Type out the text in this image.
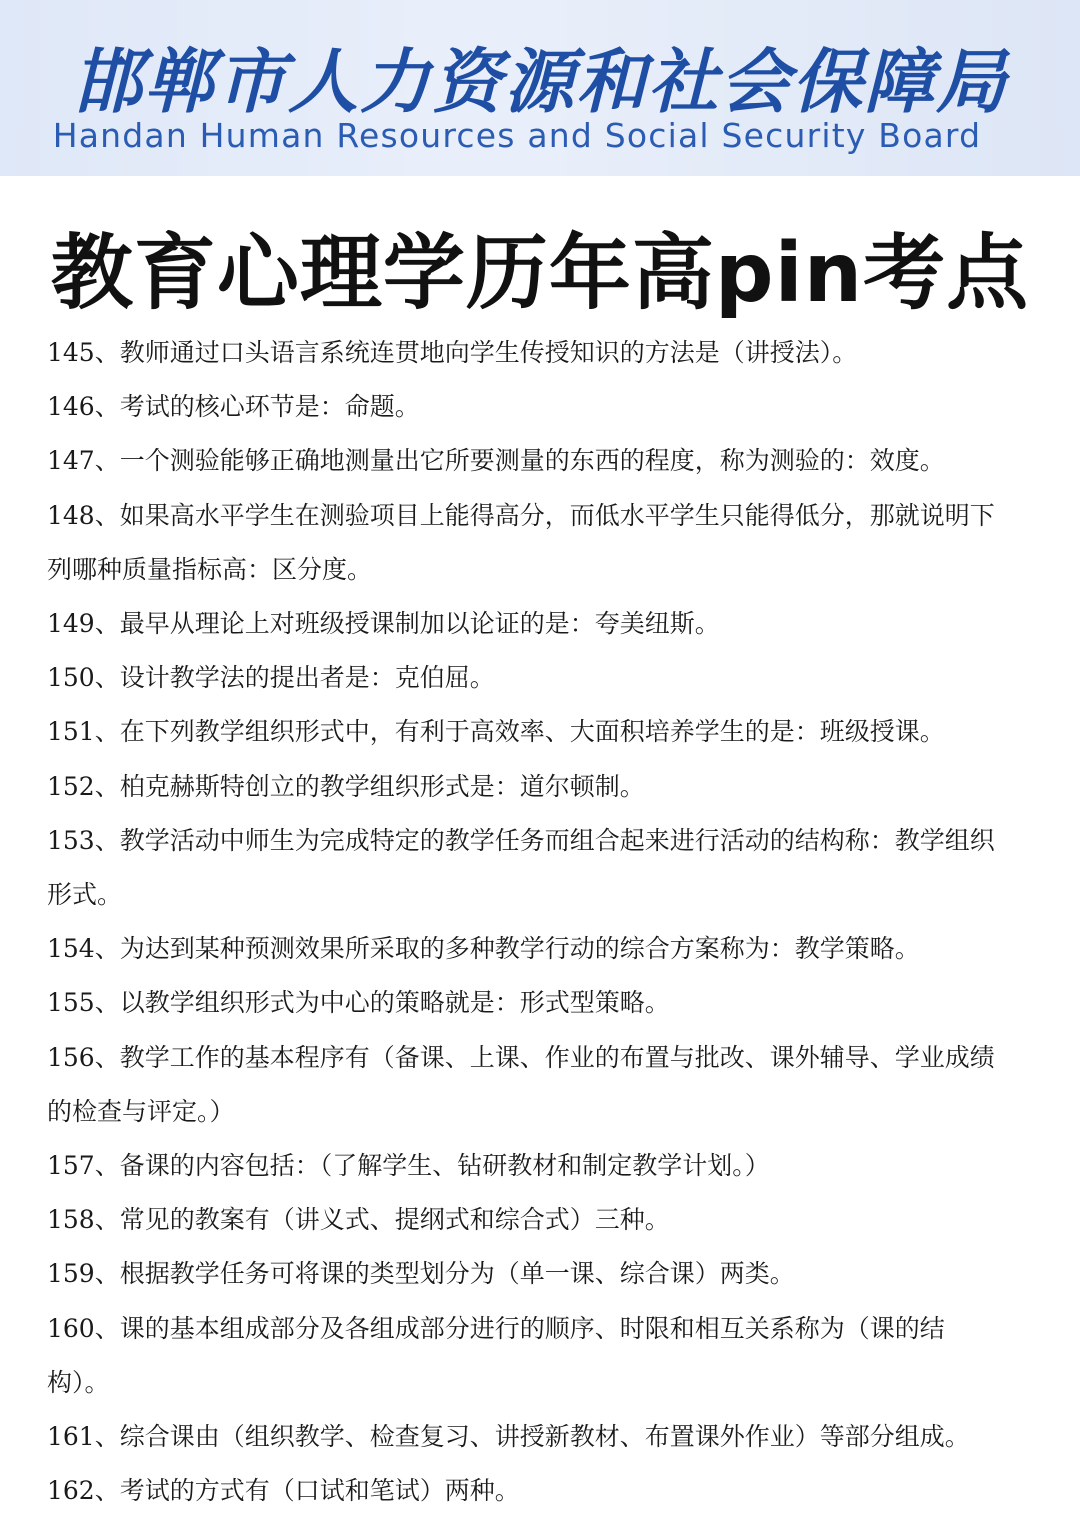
邯郸市人力资源和社会保障局
Handan Human Resources and Social Security Board
教育心理学历年高pin考点
145、教师通过口头语言系统连贯地向学生传授知识的方法是（讲授法）。
146、考试的核心环节是：命题。
147、一个测验能够正确地测量出它所要测量的东西的程度，称为测验的：效度。
148、如果高水平学生在测验项目上能得高分，而低水平学生只能得低分，那就说明下列哪种质量指标高：区分度。
149、最早从理论上对班级授课制加以论证的是：夸美纽斯。
150、设计教学法的提出者是：克伯屈。
151、在下列教学组织形式中，有利于高效率、大面积培养学生的是：班级授课。
152、柏克赫斯特创立的教学组织形式是：道尔顿制。
153、教学活动中师生为完成特定的教学任务而组合起来进行活动的结构称：教学组织形式。
154、为达到某种预测效果所采取的多种教学行动的综合方案称为：教学策略。
155、以教学组织形式为中心的策略就是：形式型策略。
156、教学工作的基本程序有（备课、上课、作业的布置与批改、课外辅导、学业成绩的检查与评定。）
157、备课的内容包括：（了解学生、钻研教材和制定教学计划。）
158、常见的教案有（讲义式、提纲式和综合式）三种。
159、根据教学任务可将课的类型划分为（单一课、综合课）两类。
160、课的基本组成部分及各组成部分进行的顺序、时限和相互关系称为（课的结构）。
161、综合课由（组织教学、检查复习、讲授新教材、布置课外作业）等部分组成。
162、考试的方式有（口试和笔试）两种。
